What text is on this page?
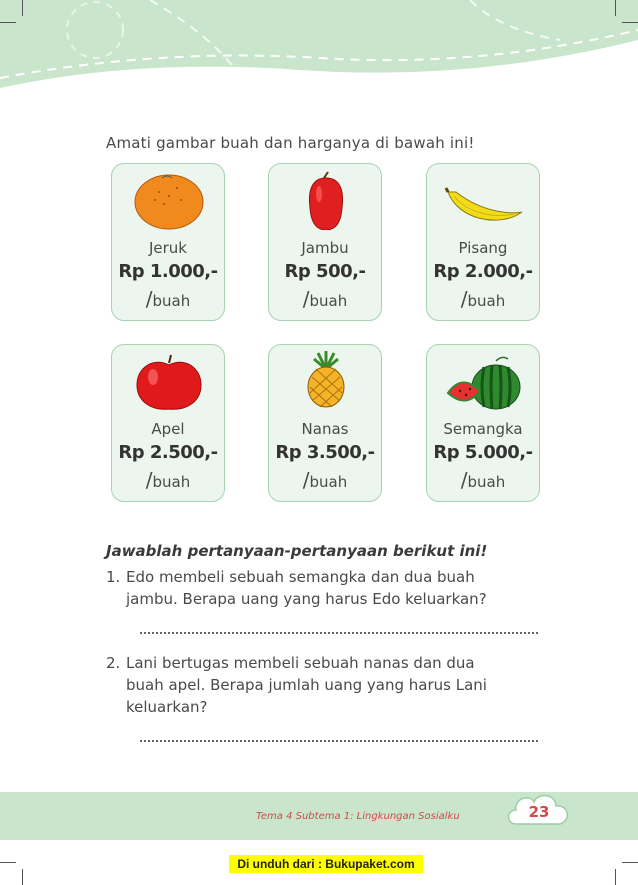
Amati gambar buah dan harganya di bawah ini!
Jeruk
Rp 1.000,-
/buah
Jambu
Rp 500,-
/buah
Pisang
Rp 2.000,-
/buah
Apel
Rp 2.500,-
/buah
Nanas
Rp 3.500,-
/buah
Semangka
Rp 5.000,-
/buah
Jawablah pertanyaan-pertanyaan berikut ini!
1. Edo membeli sebuah semangka dan dua buah
jambu. Berapa uang yang harus Edo keluarkan?
2. Lani bertugas membeli sebuah nanas dan dua
buah apel. Berapa jumlah uang yang harus Lani
keluarkan?
Tema 4 Subtema 1: Lingkungan Sosialku	23
Di unduh dari : Bukupaket.com
